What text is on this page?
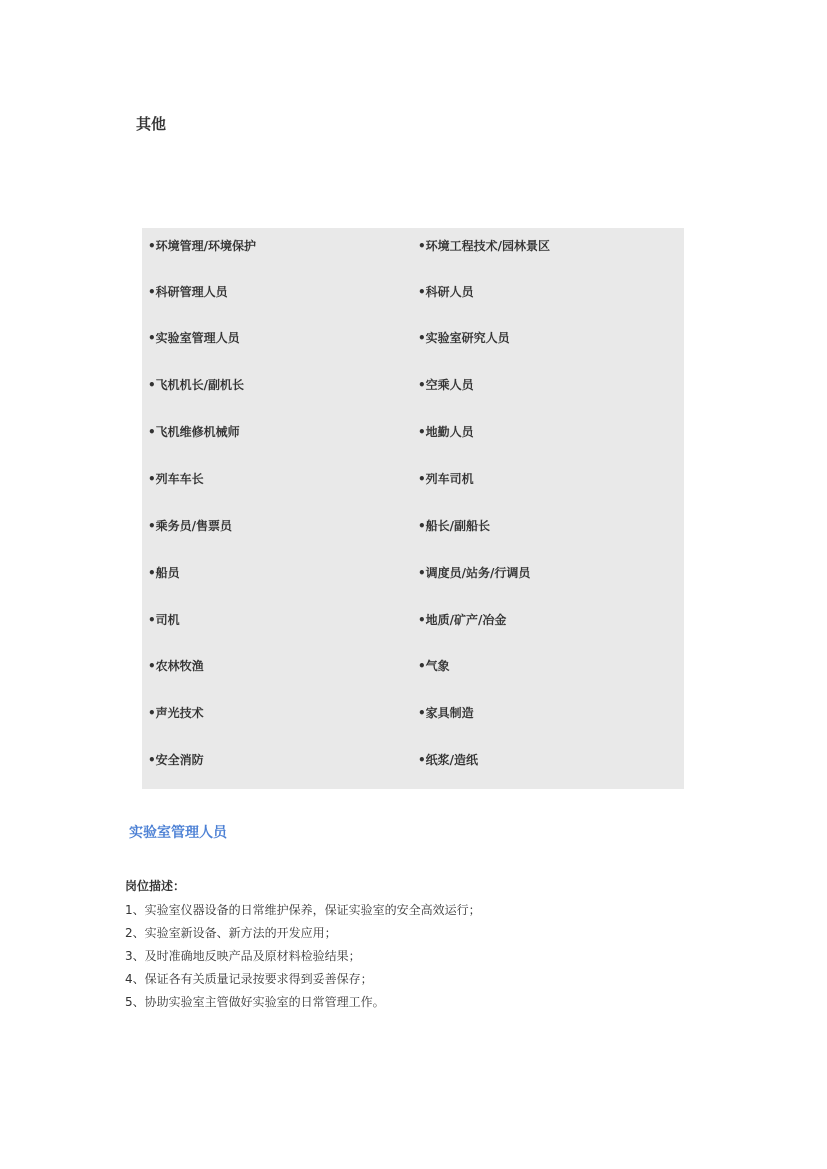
其他
•环境管理/环境保护	•环境工程技术/园林景区
•科研管理人员	•科研人员
•实验室管理人员	•实验室研究人员
•飞机机长/副机长	•空乘人员
•飞机维修机械师	•地勤人员
•列车车长	•列车司机
•乘务员/售票员	•船长/副船长
•船员	•调度员/站务/行调员
•司机	•地质/矿产/冶金
•农林牧渔	•气象
•声光技术	•家具制造
•安全消防	•纸浆/造纸
实验室管理人员
岗位描述：
1、实验室仪器设备的日常维护保养，保证实验室的安全高效运行；
2、实验室新设备、新方法的开发应用；
3、及时准确地反映产品及原材料检验结果；
4、保证各有关质量记录按要求得到妥善保存；
5、协助实验室主管做好实验室的日常管理工作。
